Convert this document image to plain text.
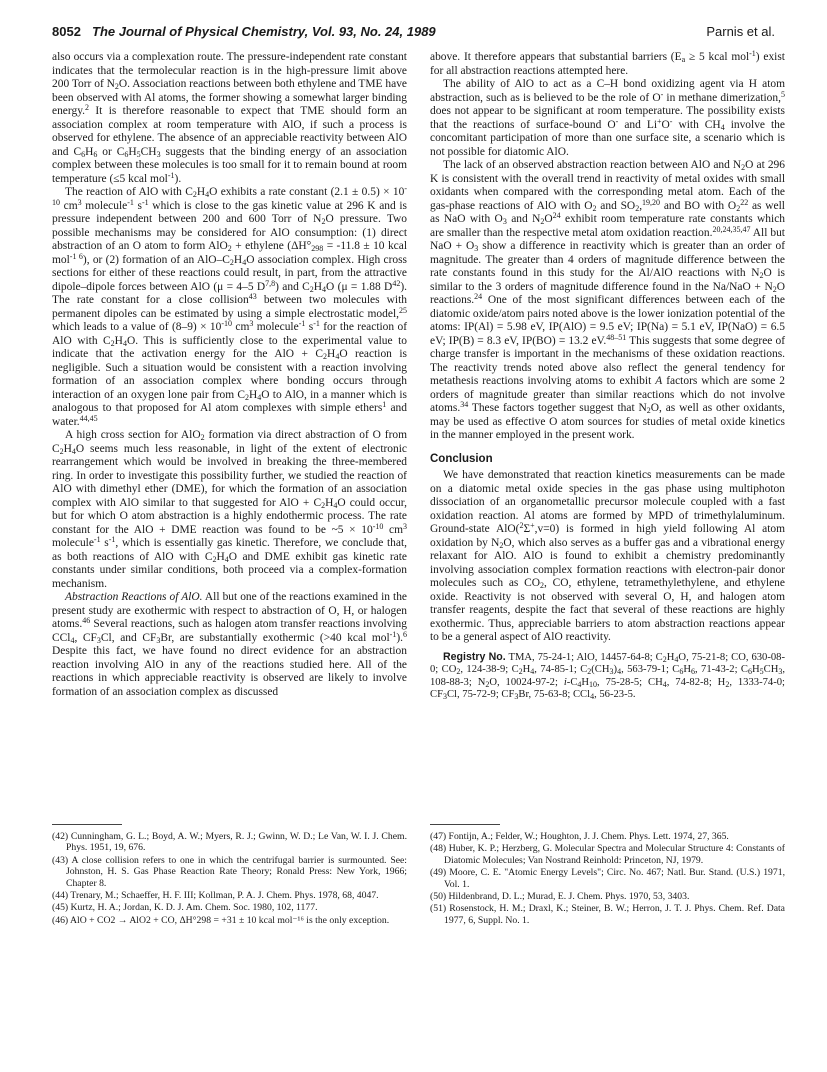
8052 The Journal of Physical Chemistry, Vol. 93, No. 24, 1989	Parnis et al.

also occurs via a complexation route. The pressure-independent rate constant indicates that the termolecular reaction is in the high-pressure limit above 200 Torr of $N_2O$. Association reactions between both ethylene and TME have been observed with Al atoms, the former showing a somewhat larger binding energy.$^2$ It is therefore reasonable to expect that TME should form an association complex at room temperature with AlO, if such a process is observed for ethylene. The absence of an appreciable reactivity between AlO and $C_6H_6$ or $C_6H_5CH_3$ suggests that the binding energy of an association complex between these molecules is too small for it to remain bound at room temperature (≤5 kcal mol$^{-1}$).

The reaction of AlO with $C_2H_4O$ exhibits a rate constant $(2.1 \pm 0.5) \times 10^{-10}$ $cm^3$ molecule$^{-1}$ $s^{-1}$ which is close to the gas kinetic value at 296 K and is pressure independent between 200 and 600 Torr of $N_2O$ pressure. Two possible mechanisms may be considered for AlO consumption: (1) direct abstraction of an O atom to form AlO$_2$ + ethylene ($\Delta H^\circ_{298} = -11.8 \pm 10$ kcal mol$^{-1 6}$), or (2) formation of an AlO–$C_2H_4O$ association complex. High cross sections for either of these reactions could result, in part, from the attractive dipole–dipole forces between AlO (μ = 4–5 D$^{7,8}$) and $C_2H_4O$ (μ = 1.88 $D^{42}$). The rate constant for a close collision$^{43}$ between two molecules with permanent dipoles can be estimated by using a simple electrostatic model,$^{25}$ which leads to a value of $(8-9) \times 10^{-10}$ $cm^3$ molecule$^{-1}$ $s^{-1}$ for the reaction of AlO with $C_2H_4O$. This is sufficiently close to the experimental value to indicate that the activation energy for the AlO + $C_2H_4O$ reaction is negligible. Such a situation would be consistent with a reaction involving formation of an association complex where bonding occurs through interaction of an oxygen lone pair from $C_2H_4O$ to AlO, in a manner which is analogous to that proposed for Al atom complexes with simple ethers$^1$ and water.$^{44,45}$

A high cross section for AlO$_2$ formation via direct abstraction of O from $C_2H_4O$ seems much less reasonable, in light of the extent of electronic rearrangement which would be involved in breaking the three-membered ring. In order to investigate this possibility further, we studied the reaction of AlO with dimethyl ether (DME), for which the formation of an association complex with AlO similar to that suggested for AlO + $C_2H_4O$ could occur, but for which O atom abstraction is a highly endothermic process. The rate constant for the AlO + DME reaction was found to be ~5 × $10^{-10}$ $cm^3$ molecule$^{-1}$ $s^{-1}$, which is essentially gas kinetic. Therefore, we conclude that, as both reactions of AlO with $C_2H_4O$ and DME exhibit gas kinetic rate constants under similar conditions, both proceed via a complex-formation mechanism.

Abstraction Reactions of AlO. All but one of the reactions examined in the present study are exothermic with respect to abstraction of O, H, or halogen atoms.$^{46}$ Several reactions, such as halogen atom transfer reactions involving CCl$_4$, $CF_3Cl$, and $CF_3Br$, are substantially exothermic (>40 kcal mol$^{-1}$).$^6$ Despite this fact, we have found no direct evidence for an abstraction reaction involving AlO in any of the reactions studied here. All of the reactions in which appreciable reactivity is observed are likely to involve formation of an association complex as discussed

above. It therefore appears that substantial barriers ($E_a \ge 5$ kcal mol$^{-1}$) exist for all abstraction reactions attempted here.

The ability of AlO to act as a C–H bond oxidizing agent via H atom abstraction, such as is believed to be the role of O- in methane dimerization,$^5$ does not appear to be significant at room temperature. The possibility exists that the reactions of surface-bound O- and Li+O- with $CH_4$ involve the concomitant participation of more than one surface site, a scenario which is not possible for diatomic AlO.

The lack of an observed abstraction reaction between AlO and $N_2O$ at 296 K is consistent with the overall trend in reactivity of metal oxides with small oxidants when compared with the corresponding metal atom. Each of the gas-phase reactions of AlO with $O_2$ and $SO_2,^{19,20}$ and BO with $O_2^{22}$ as well as NaO with $O_3$ and $N_2O^{24}$ exhibit room temperature rate constants which are smaller than the respective metal atom oxidation reaction.$^{20,24,35,47}$ All but NaO + $O_3$ show a difference in reactivity which is greater than an order of magnitude. The greater than 4 orders of magnitude difference between the rate constants found in this study for the Al/AlO reactions with $N_2O$ is similar to the 3 orders of magnitude difference found in the $Na/NaO + N_2O$ reactions.$^{24}$ One of the most significant differences between each of the diatomic oxide/atom pairs noted above is the lower ionization potential of the atoms: IP(Al) = 5.98 eV, IP(AlO) = 9.5 eV; IP(Na) = 5.1 eV, IP(NaO) = 6.5 eV; IP(B) = 8.3 eV, IP(BO) = 13.2 eV.$^{48-51}$ This suggests that some degree of charge transfer is important in the mechanisms of these oxidation reactions. The reactivity trends noted above also reflect the general tendency for metathesis reactions involving atoms to exhibit A factors which are some 2 orders of magnitude greater than similar reactions which do not involve atoms.$^{34}$ These factors together suggest that $N_2O$, as well as other oxidants, may be used as effective O atom sources for studies of metal oxide kinetics in the manner employed in the present work.

Conclusion

We have demonstrated that reaction kinetics measurements can be made on a diatomic metal oxide species in the gas phase using multiphoton dissociation of an organometallic precursor molecule coupled with a fast oxidation reaction. Al atoms are formed by MPD of trimethylaluminum. Ground-state AlO($^2$Σ+,v=0) is formed in high yield following Al atom oxidation by $N_2O$, which also serves as a buffer gas and a vibrational energy relaxant for AlO. AlO is found to exhibit a chemistry predominantly involving association complex formation reactions with electron-pair donor molecules such as $CO_2$, CO, ethylene, tetramethylethylene, and ethylene oxide. Reactivity is not observed with several O, H, and halogen atom transfer reagents, despite the fact that several of these reactions are highly exothermic. Thus, appreciable barriers to atom abstraction reactions appear to be a general aspect of AlO reactivity.

Registry No. TMA, 75-24-1; AlO, 14457-64-8; $C_2H_4O$, 75-21-8; CO, 630-08-0; $CO_2$, 124-38-9; $C_2H_4$, 74-85-1; $C_2(CH_3)_4$, 563-79-1; $C_6H_6$, 71-43-2; $C_6H_5CH_3$, 108-88-3; $N_2O$, 10024-97-2; $i-C_4H_{10}$, 75-28-5; $CH_4$, 74-82-8; $H_2$, 1333-74-0; $CF_3Cl$, 75-72-9; $CF_3Br$, 75-63-8; CCl$_4$, 56-23-5.

(42) Cunningham, G. L.; Boyd, A. W.; Myers, R. J.; Gwinn, W. D.; Le Van, W. I. J. Chem. Phys. 1951, 19, 676.
(43) A close collision refers to one in which the centrifugal barrier is surmounted. See: Johnston, H. S. Gas Phase Reaction Rate Theory; Ronald Press: New York, 1966; Chapter 8.
(44) Trenary, M.; Schaeffer, H. F. III; Kollman, P. A. J. Chem. Phys. 1978, 68, 4047.
(45) Kurtz, H. A.; Jordan, K. D. J. Am. Chem. Soc. 1980, 102, 1177.
(46) AlO + CO2 → AlO2 + CO, ΔH°298 = +31 ± 10 kcal mol⁻¹⁶ is the only exception.
(47) Fontijn, A.; Felder, W.; Houghton, J. J. Chem. Phys. Lett. 1974, 27, 365.
(48) Huber, K. P.; Herzberg, G. Molecular Spectra and Molecular Structure 4: Constants of Diatomic Molecules; Van Nostrand Reinhold: Princeton, NJ, 1979.
(49) Moore, C. E. "Atomic Energy Levels"; Circ. No. 467; Natl. Bur. Stand. (U.S.) 1971, Vol. 1.
(50) Hildenbrand, D. L.; Murad, E. J. Chem. Phys. 1970, 53, 3403.
(51) Rosenstock, H. M.; Draxl, K.; Steiner, B. W.; Herron, J. T. J. Phys. Chem. Ref. Data 1977, 6, Suppl. No. 1.
